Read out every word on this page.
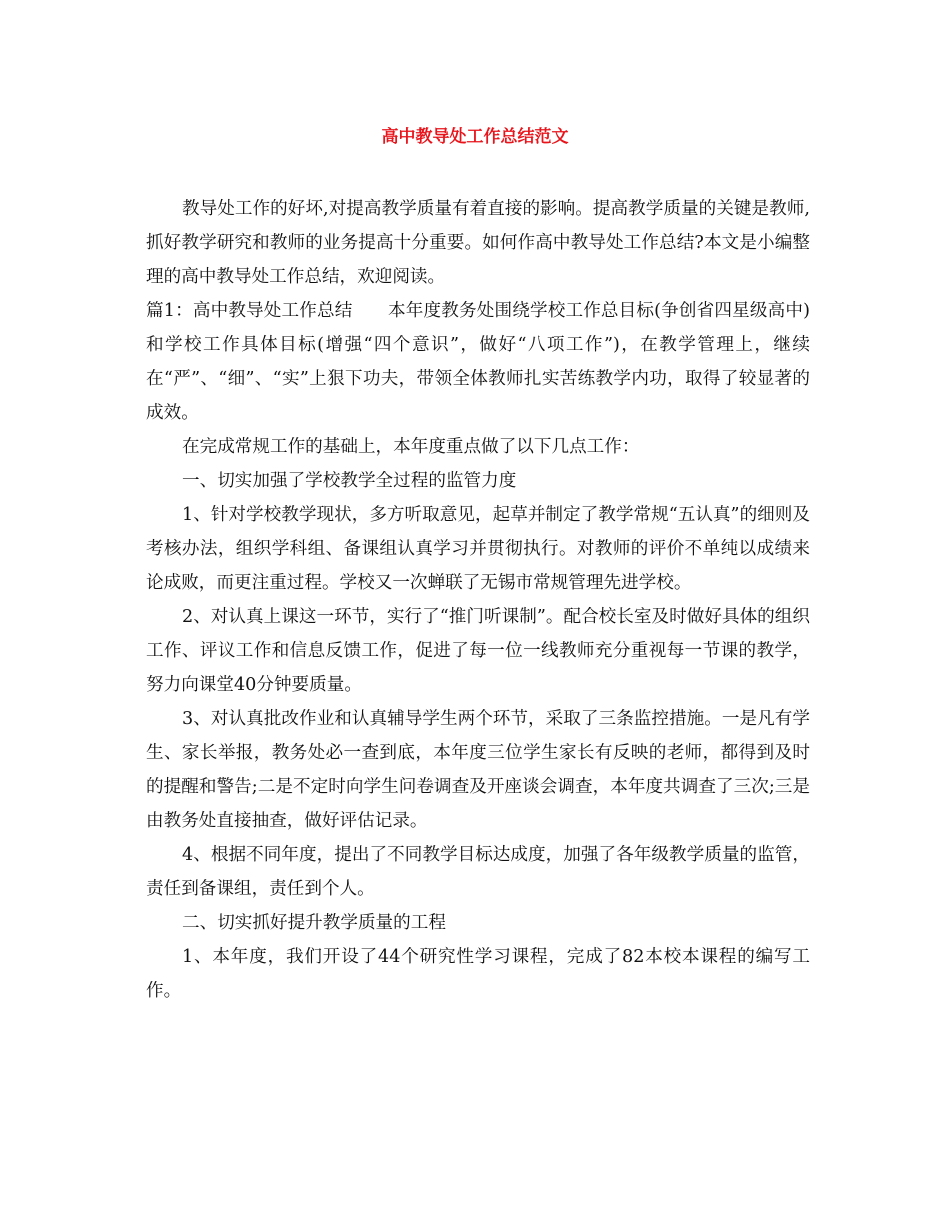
高中教导处工作总结范文

教导处工作的好坏,对提高教学质量有着直接的影响。提高教学质量的关键是教师,抓好教学研究和教师的业务提高十分重要。如何作高中教导处工作总结?本文是小编整理的高中教导处工作总结，欢迎阅读。

篇1：高中教导处工作总结　　本年度教务处围绕学校工作总目标(争创省四星级高中)和学校工作具体目标(增强“四个意识”，做好“八项工作”)，在教学管理上，继续在“严”、“细”、“实”上狠下功夫，带领全体教师扎实苦练教学内功，取得了较显著的成效。

在完成常规工作的基础上，本年度重点做了以下几点工作：

一、切实加强了学校教学全过程的监管力度

1、针对学校教学现状，多方听取意见，起草并制定了教学常规“五认真”的细则及考核办法，组织学科组、备课组认真学习并贯彻执行。对教师的评价不单纯以成绩来论成败，而更注重过程。学校又一次蝉联了无锡市常规管理先进学校。

2、对认真上课这一环节，实行了“推门听课制”。配合校长室及时做好具体的组织工作、评议工作和信息反馈工作，促进了每一位一线教师充分重视每一节课的教学，努力向课堂40分钟要质量。

3、对认真批改作业和认真辅导学生两个环节，采取了三条监控措施。一是凡有学生、家长举报，教务处必一查到底，本年度三位学生家长有反映的老师，都得到及时的提醒和警告;二是不定时向学生问卷调查及开座谈会调查，本年度共调查了三次;三是由教务处直接抽查，做好评估记录。

4、根据不同年度，提出了不同教学目标达成度，加强了各年级教学质量的监管，责任到备课组，责任到个人。

二、切实抓好提升教学质量的工程

1、本年度，我们开设了44个研究性学习课程，完成了82本校本课程的编写工作。
